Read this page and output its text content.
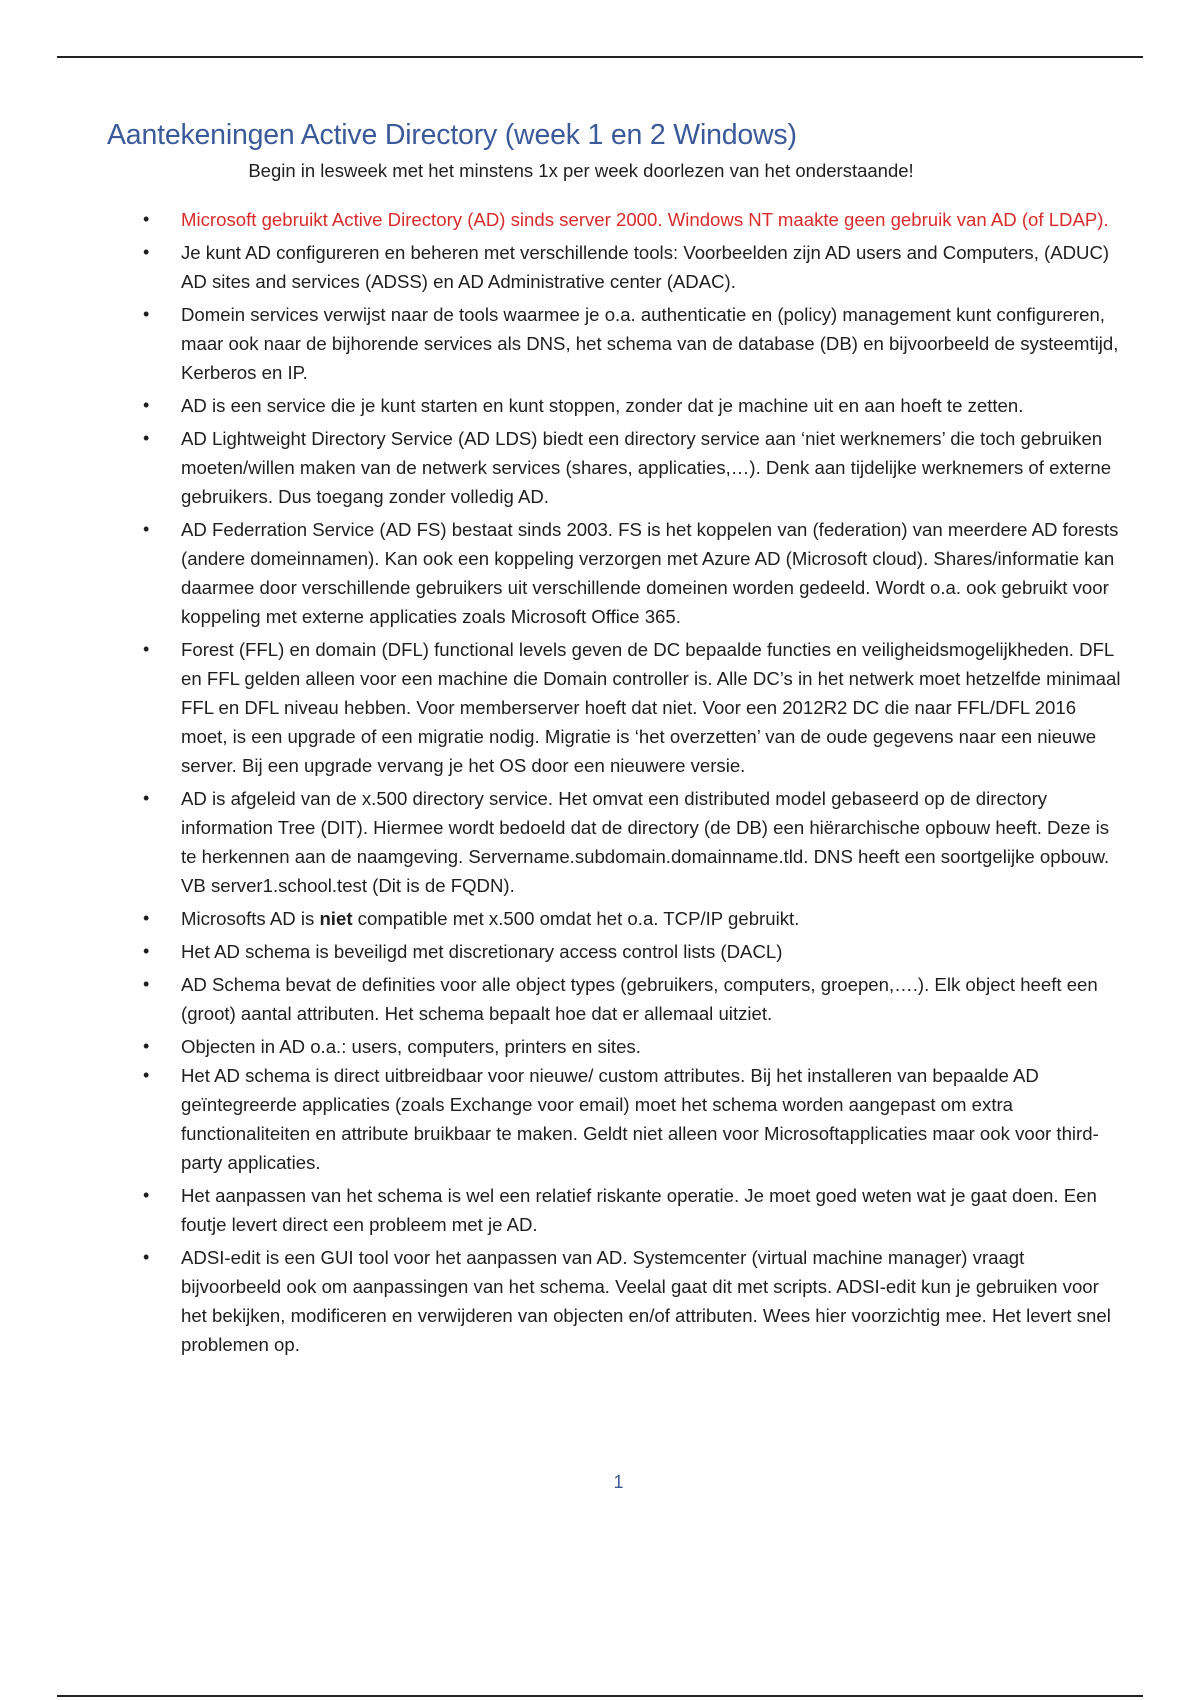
Aantekeningen Active Directory (week 1 en 2 Windows)
Begin in lesweek met het minstens 1x per week doorlezen van het onderstaande!
• Microsoft gebruikt Active Directory (AD) sinds server 2000. Windows NT maakte geen gebruik van AD (of LDAP).
• Je kunt AD configureren en beheren met verschillende tools: Voorbeelden zijn AD users and Computers, (ADUC) AD sites and services (ADSS) en AD Administrative center (ADAC).
• Domein services verwijst naar de tools waarmee je o.a. authenticatie en (policy) management kunt configureren, maar ook naar de bijhorende services als DNS, het schema van de database (DB) en bijvoorbeeld de systeemtijd, Kerberos en IP.
• AD is een service die je kunt starten en kunt stoppen, zonder dat je machine uit en aan hoeft te zetten.
• AD Lightweight Directory Service (AD LDS) biedt een directory service aan ‘niet werknemers’ die toch gebruiken moeten/willen maken van de netwerk services (shares, applicaties,…). Denk aan tijdelijke werknemers of externe gebruikers. Dus toegang zonder volledig AD.
• AD Federration Service (AD FS) bestaat sinds 2003. FS is het koppelen van (federation) van meerdere AD forests (andere domeinnamen). Kan ook een koppeling verzorgen met Azure AD (Microsoft cloud). Shares/informatie kan daarmee door verschillende gebruikers uit verschillende domeinen worden gedeeld. Wordt o.a. ook gebruikt voor koppeling met externe applicaties zoals Microsoft Office 365.
• Forest (FFL) en domain (DFL) functional levels geven de DC bepaalde functies en veiligheidsmogelijkheden. DFL en FFL gelden alleen voor een machine die Domain controller is. Alle DC’s in het netwerk moet hetzelfde minimaal FFL en DFL niveau hebben. Voor memberserver hoeft dat niet. Voor een 2012R2 DC die naar FFL/DFL 2016 moet, is een upgrade of een migratie nodig. Migratie is ‘het overzetten’ van de oude gegevens naar een nieuwe server. Bij een upgrade vervang je het OS door een nieuwere versie.
• AD is afgeleid van de x.500 directory service. Het omvat een distributed model gebaseerd op de directory information Tree (DIT). Hiermee wordt bedoeld dat de directory (de DB) een hiërarchische opbouw heeft. Deze is te herkennen aan de naamgeving. Servername.subdomain.domainname.tld. DNS heeft een soortgelijke opbouw. VB server1.school.test (Dit is de FQDN).
• Microsofts AD is niet compatible met x.500 omdat het o.a. TCP/IP gebruikt.
• Het AD schema is beveiligd met discretionary access control lists (DACL)
• AD Schema bevat de definities voor alle object types (gebruikers, computers, groepen,….). Elk object heeft een (groot) aantal attributen. Het schema bepaalt hoe dat er allemaal uitziet.
• Objecten in AD o.a.: users, computers, printers en sites.
• Het AD schema is direct uitbreidbaar voor nieuwe/ custom attributes. Bij het installeren van bepaalde AD geïntegreerde applicaties (zoals Exchange voor email) moet het schema worden aangepast om extra functionaliteiten en attribute bruikbaar te maken. Geldt niet alleen voor Microsoftapplicaties maar ook voor third-party applicaties.
• Het aanpassen van het schema is wel een relatief riskante operatie. Je moet goed weten wat je gaat doen. Een foutje levert direct een probleem met je AD.
• ADSI-edit is een GUI tool voor het aanpassen van AD. Systemcenter (virtual machine manager) vraagt bijvoorbeeld ook om aanpassingen van het schema. Veelal gaat dit met scripts. ADSI-edit kun je gebruiken voor het bekijken, modificeren en verwijderen van objecten en/of attributen. Wees hier voorzichtig mee. Het levert snel problemen op.
1
